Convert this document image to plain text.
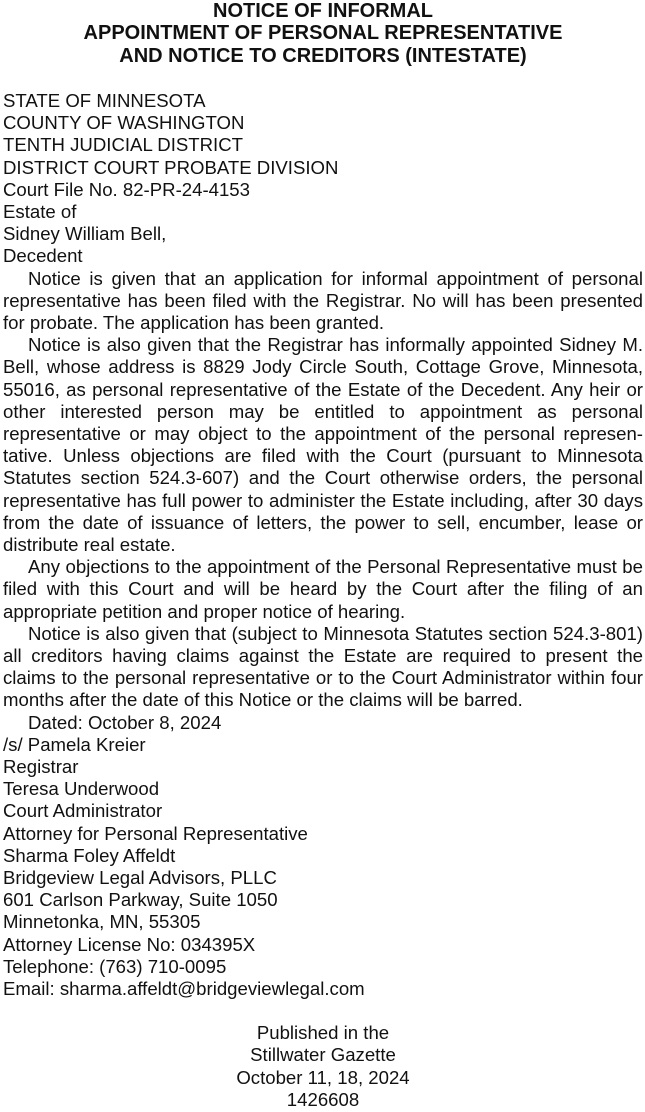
NOTICE OF INFORMAL
APPOINTMENT OF PERSONAL REPRESENTATIVE
AND NOTICE TO CREDITORS (INTESTATE)
STATE OF MINNESOTA
COUNTY OF WASHINGTON
TENTH JUDICIAL DISTRICT
DISTRICT COURT PROBATE DIVISION
Court File No. 82-PR-24-4153
Estate of
Sidney William Bell,
Decedent

Notice is given that an application for informal appointment of personal representative has been filed with the Registrar. No will has been presented for probate. The application has been granted.

Notice is also given that the Registrar has informally appointed Sidney M. Bell, whose address is 8829 Jody Circle South, Cottage Grove, Minnesota, 55016, as personal representative of the Estate of the Decedent. Any heir or other interested person may be entitled to appointment as personal representative or may object to the appointment of the personal representative. Unless objections are filed with the Court (pursuant to Minnesota Statutes section 524.3-607) and the Court otherwise orders, the personal representative has full power to administer the Estate including, after 30 days from the date of issuance of letters, the power to sell, encumber, lease or distribute real estate.

Any objections to the appointment of the Personal Representative must be filed with this Court and will be heard by the Court after the filing of an appropriate petition and proper notice of hearing.

Notice is also given that (subject to Minnesota Statutes section 524.3-801) all creditors having claims against the Estate are required to present the claims to the personal representative or to the Court Administrator within four months after the date of this Notice or the claims will be barred.

Dated: October 8, 2024
/s/ Pamela Kreier
Registrar
Teresa Underwood
Court Administrator
Attorney for Personal Representative
Sharma Foley Affeldt
Bridgeview Legal Advisors, PLLC
601 Carlson Parkway, Suite 1050
Minnetonka, MN, 55305
Attorney License No: 034395X
Telephone: (763) 710-0095
Email: sharma.affeldt@bridgeviewlegal.com
Published in the
Stillwater Gazette
October 11, 18, 2024
1426608
